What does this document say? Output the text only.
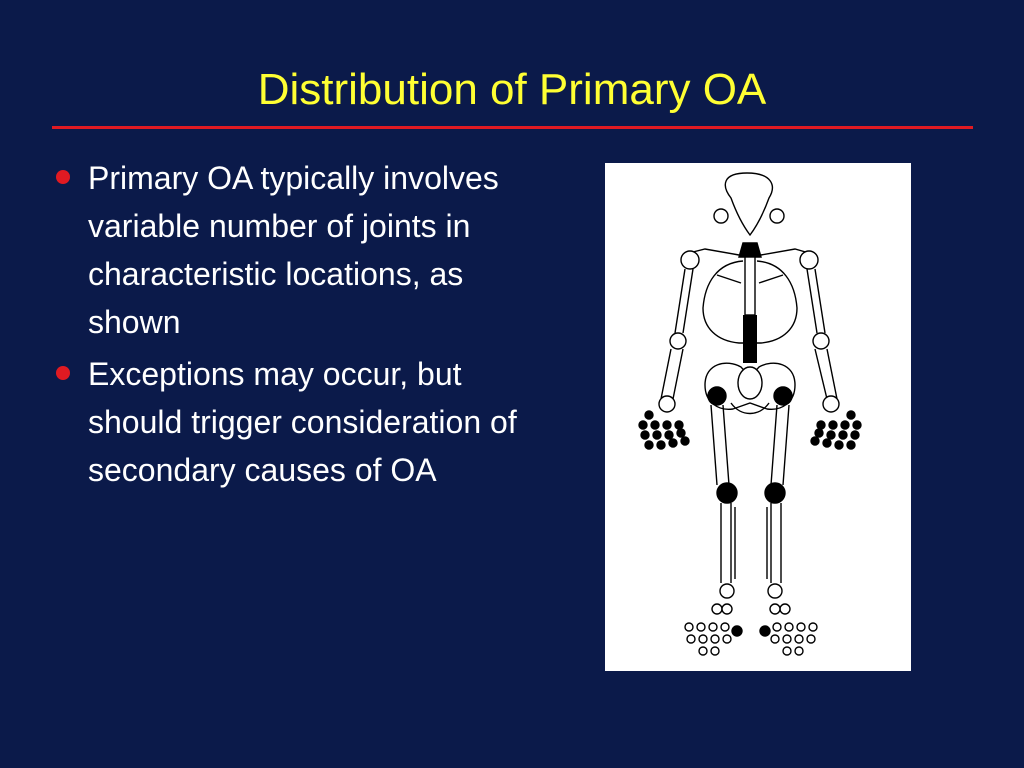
Distribution of Primary OA
Primary OA typically involves variable number of joints in characteristic locations, as shown
Exceptions may occur, but should trigger consideration of secondary causes of OA
